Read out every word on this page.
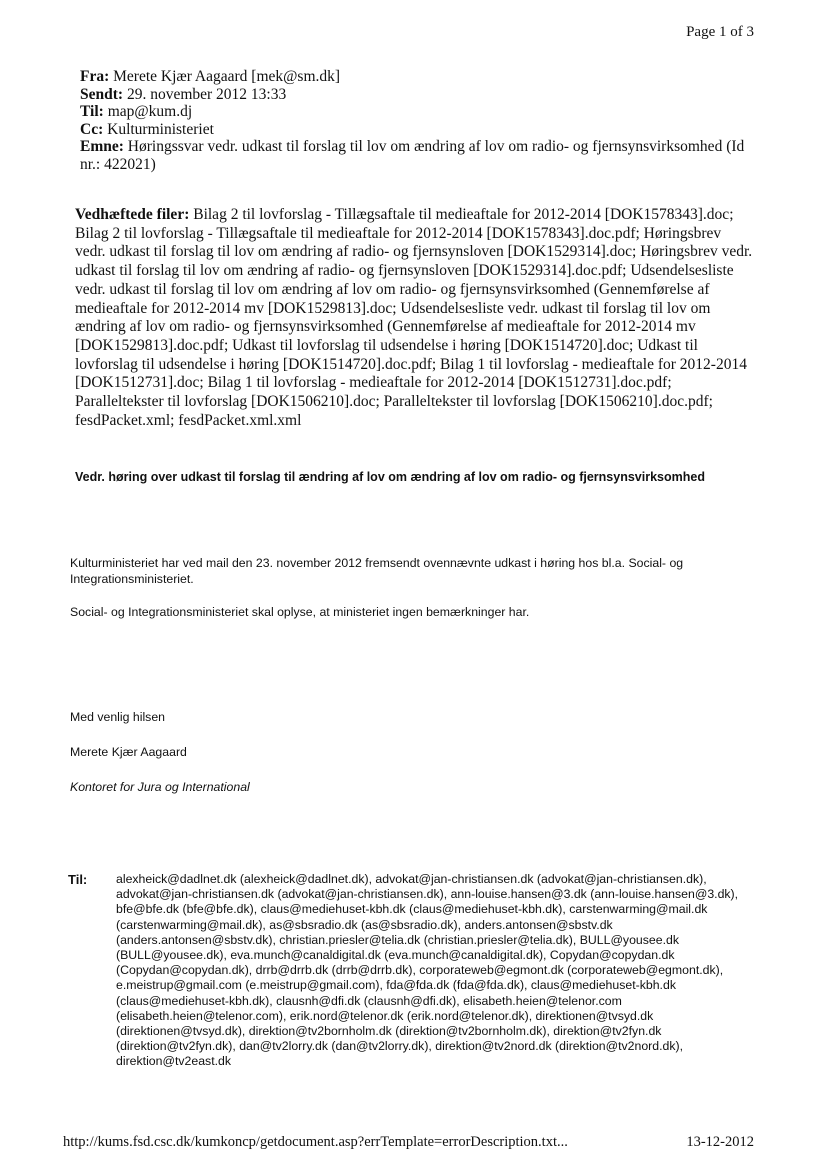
Page 1 of 3

Fra: Merete Kjær Aagaard [mek@sm.dk]

Sendt: 29. november 2012 13:33

Til: map@kum.dj

Cc: Kulturministeriet

Emne: Høringssvar vedr. udkast til forslag til lov om ændring af lov om radio- og fjernsynsvirksomhed (Id nr.: 422021)

Vedhæftede filer: Bilag 2 til lovforslag - Tillægsaftale til medieaftale for 2012-2014 [DOK1578343].doc; Bilag 2 til lovforslag - Tillægsaftale til medieaftale for 2012-2014 [DOK1578343].doc.pdf; Høringsbrev vedr. udkast til forslag til lov om ændring af radio- og fjernsynsloven [DOK1529314].doc; Høringsbrev vedr. udkast til forslag til lov om ændring af radio- og fjernsynsloven [DOK1529314].doc.pdf; Udsendelsesliste vedr. udkast til forslag til lov om ændring af lov om radio- og fjernsynsvirksomhed (Gennemførelse af medieaftale for 2012-2014 mv [DOK1529813].doc; Udsendelsesliste vedr. udkast til forslag til lov om ændring af lov om radio- og fjernsynsvirksomhed (Gennemførelse af medieaftale for 2012-2014 mv [DOK1529813].doc.pdf; Udkast til lovforslag til udsendelse i høring [DOK1514720].doc; Udkast til lovforslag til udsendelse i høring [DOK1514720].doc.pdf; Bilag 1 til lovforslag - medieaftale for 2012-2014 [DOK1512731].doc; Bilag 1 til lovforslag - medieaftale for 2012-2014 [DOK1512731].doc.pdf; Paralleltekster til lovforslag [DOK1506210].doc; Paralleltekster til lovforslag [DOK1506210].doc.pdf; fesdPacket.xml; fesdPacket.xml.xml

Vedr. høring over udkast til forslag til ændring af lov om ændring af lov om radio- og fjernsynsvirksomhed

Kulturministeriet har ved mail den 23. november 2012 fremsendt ovennævnte udkast i høring hos bl.a. Social- og Integrationsministeriet.

Social- og Integrationsministeriet skal oplyse, at ministeriet ingen bemærkninger har.

Med venlig hilsen

Merete Kjær Aagaard

Kontoret for Jura og International

Til: alexheick@dadlnet.dk (alexheick@dadlnet.dk), advokat@jan-christiansen.dk (advokat@jan-christiansen.dk), advokat@jan-christiansen.dk (advokat@jan-christiansen.dk), ann-louise.hansen@3.dk (ann-louise.hansen@3.dk), bfe@bfe.dk (bfe@bfe.dk), claus@mediehuset-kbh.dk (claus@mediehuset-kbh.dk), carstenwarming@mail.dk (carstenwarming@mail.dk), as@sbsradio.dk (as@sbsradio.dk), anders.antonsen@sbstv.dk (anders.antonsen@sbstv.dk), christian.priesler@telia.dk (christian.priesler@telia.dk), BULL@yousee.dk (BULL@yousee.dk), eva.munch@canaldigital.dk (eva.munch@canaldigital.dk), Copydan@copydan.dk (Copydan@copydan.dk), drrb@drrb.dk (drrb@drrb.dk), corporateweb@egmont.dk (corporateweb@egmont.dk), e.meistrup@gmail.com (e.meistrup@gmail.com), fda@fda.dk (fda@fda.dk), claus@mediehuset-kbh.dk (claus@mediehuset-kbh.dk), clausnh@dfi.dk (clausnh@dfi.dk), elisabeth.heien@telenor.com (elisabeth.heien@telenor.com), erik.nord@telenor.dk (erik.nord@telenor.dk), direktionen@tvsyd.dk (direktionen@tvsyd.dk), direktion@tv2bornholm.dk (direktion@tv2bornholm.dk), direktion@tv2fyn.dk (direktion@tv2fyn.dk), dan@tv2lorry.dk (dan@tv2lorry.dk), direktion@tv2nord.dk (direktion@tv2nord.dk), direktion@tv2east.dk
http://kums.fsd.csc.dk/kumkoncp/getdocument.asp?errTemplate=errorDescription.txt...	13-12-2012
